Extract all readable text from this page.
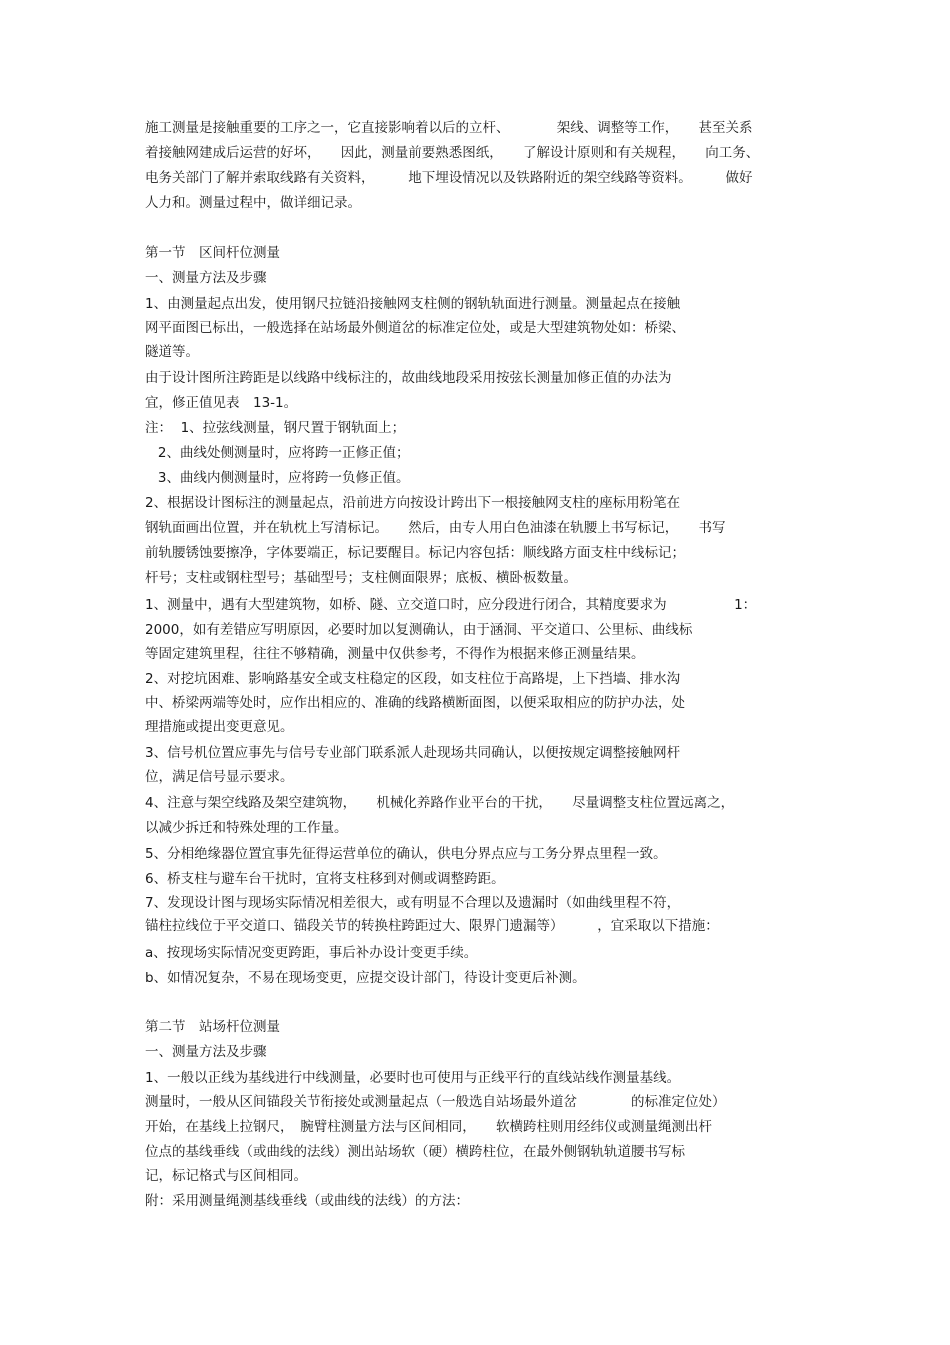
施工测量是接触重要的工序之一，它直接影响着以后的立杆、　　　　架线、调整等工作，　　甚至关系
着接触网建成后运营的好坏，　　因此，测量前要熟悉图纸，　　了解设计原则和有关规程，　　向工务、
电务关部门了解并索取线路有关资料，　　　地下埋设情况以及铁路附近的架空线路等资料。　　　做好
人力和。测量过程中，做详细记录。
第一节　区间杆位测量
一、测量方法及步骤
1、由测量起点出发，使用钢尺拉链沿接触网支柱侧的钢轨轨面进行测量。测量起点在接触
网平面图已标出，一般选择在站场最外侧道岔的标准定位处，或是大型建筑物处如：桥梁、
隧道等。
由于设计图所注跨距是以线路中线标注的，故曲线地段采用按弦长测量加修正值的办法为
宜，修正值见表　13-1。
注：  1、拉弦线测量，钢尺置于钢轨面上；
2、曲线处侧测量时，应将跨一正修正值；
3、曲线内侧测量时，应将跨一负修正值。
2、根据设计图标注的测量起点，沿前进方向按设计跨出下一根接触网支柱的座标用粉笔在
钢轨面画出位置，并在轨枕上写清标记。　　然后，由专人用白色油漆在轨腰上书写标记，　　书写
前轨腰锈蚀要擦净，字体要端正，标记要醒目。标记内容包括：顺线路方面支柱中线标记；
杆号；支柱或钢柱型号；基础型号；支柱侧面限界；底板、横卧板数量。
1、测量中，遇有大型建筑物，如桥、隧、立交道口时，应分段进行闭合，其精度要求为　　　　　1：
2000，如有差错应写明原因，必要时加以复测确认，由于涵洞、平交道口、公里标、曲线标
等固定建筑里程，往往不够精确，测量中仅供参考，不得作为根据来修正测量结果。
2、对挖坑困难、影响路基安全或支柱稳定的区段，如支柱位于高路堤，上下挡墙、排水沟
中、桥梁两端等处时，应作出相应的、准确的线路横断面图，以便采取相应的防护办法，处
理措施或提出变更意见。
3、信号机位置应事先与信号专业部门联系派人赴现场共同确认，以便按规定调整接触网杆
位，满足信号显示要求。
4、注意与架空线路及架空建筑物，　　机械化养路作业平台的干扰，　　尽量调整支柱位置远离之，
以减少拆迁和特殊处理的工作量。
5、分相绝缘器位置宜事先征得运营单位的确认，供电分界点应与工务分界点里程一致。
6、桥支柱与避车台干扰时，宜将支柱移到对侧或调整跨距。
7、发现设计图与现场实际情况相差很大，或有明显不合理以及遗漏时（如曲线里程不符，
锚柱拉线位于平交道口、锚段关节的转换柱跨距过大、限界门遗漏等）　　　，宜采取以下措施：
a、按现场实际情况变更跨距，事后补办设计变更手续。
b、如情况复杂，不易在现场变更，应提交设计部门，待设计变更后补测。
第二节　站场杆位测量
一、测量方法及步骤
1、一般以正线为基线进行中线测量，必要时也可使用与正线平行的直线站线作测量基线。
测量时，一般从区间锚段关节衔接处或测量起点（一般选自站场最外道岔　　　　的标准定位处）
开始，在基线上拉钢尺，　腕臂柱测量方法与区间相同，　　软横跨柱则用经纬仪或测量绳测出杆
位点的基线垂线（或曲线的法线）测出站场软（硬）横跨柱位，在最外侧钢轨轨道腰书写标
记，标记格式与区间相同。
附：采用测量绳测基线垂线（或曲线的法线）的方法：
